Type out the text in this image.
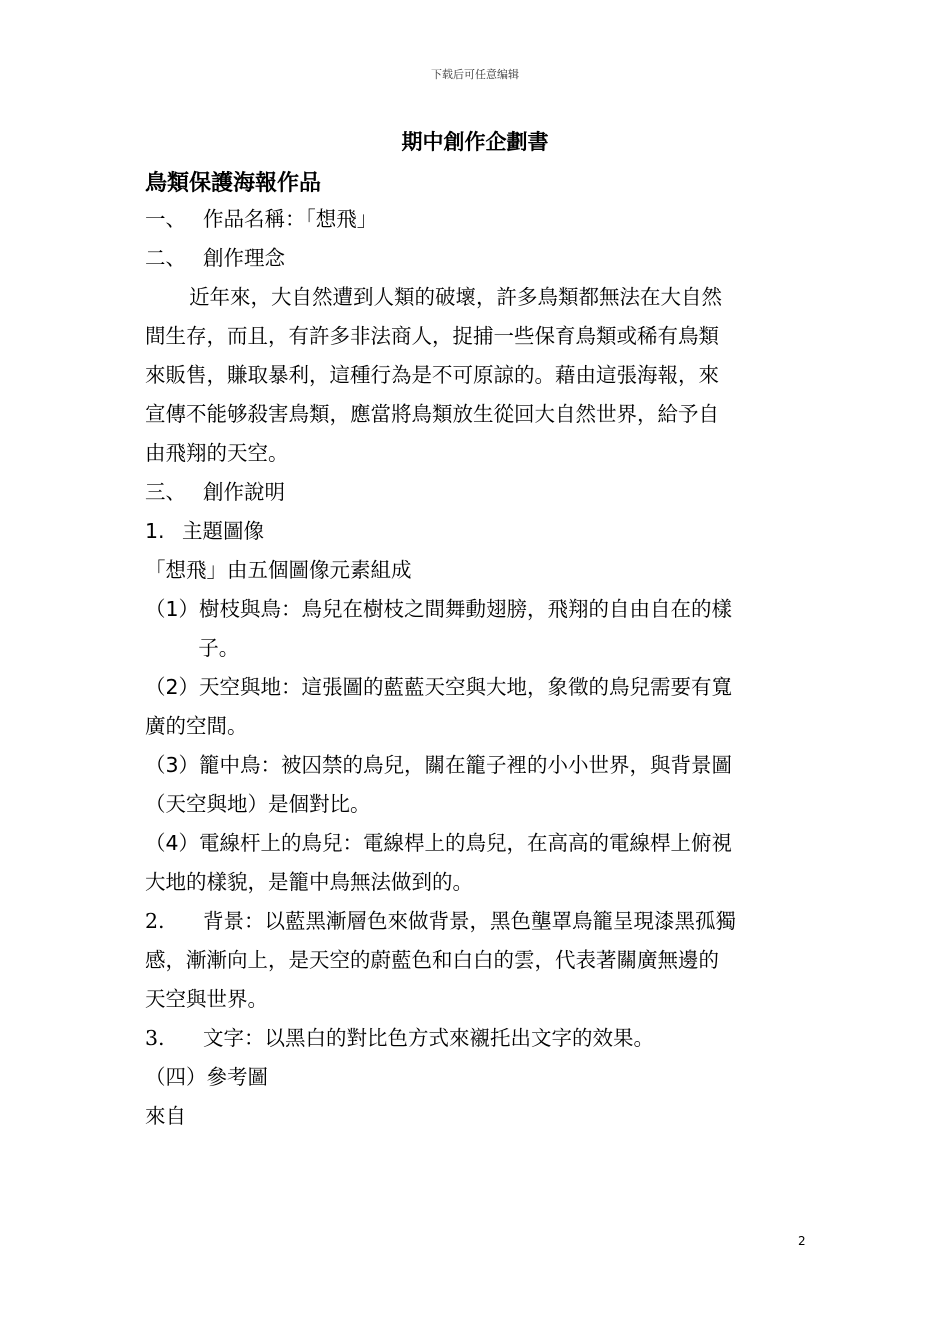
下载后可任意编辑
期中創作企劃書
鳥類保護海報作品
一、 作品名稱：「想飛」
二、 創作理念
近年來，大自然遭到人類的破壞，許多鳥類都無法在大自然
間生存，而且，有許多非法商人，捉捕一些保育鳥類或稀有鳥類
來販售，賺取暴利，這種行為是不可原諒的。藉由這張海報，來
宣傳不能够殺害鳥類，應當將鳥類放生從回大自然世界，給予自
由飛翔的天空。
三、 創作說明
1. 主題圖像
「想飛」由五個圖像元素組成
（1）樹枝與鳥：鳥兒在樹枝之間舞動翅膀，飛翔的自由自在的樣
子。
（2）天空與地：這張圖的藍藍天空與大地，象徵的鳥兒需要有寬
廣的空間。
（3）籠中鳥：被囚禁的鳥兒，關在籠子裡的小小世界，與背景圖
（天空與地）是個對比。
（4）電線杆上的鳥兒：電線桿上的鳥兒，在高高的電線桿上俯視
大地的樣貌，是籠中鳥無法做到的。
2. 背景：以藍黑漸層色來做背景，黑色壟罩鳥籠呈現漆黑孤獨
感，漸漸向上，是天空的蔚藍色和白白的雲，代表著關廣無邊的
天空與世界。
3. 文字：以黑白的對比色方式來襯托出文字的效果。
（四）參考圖
來自
2
